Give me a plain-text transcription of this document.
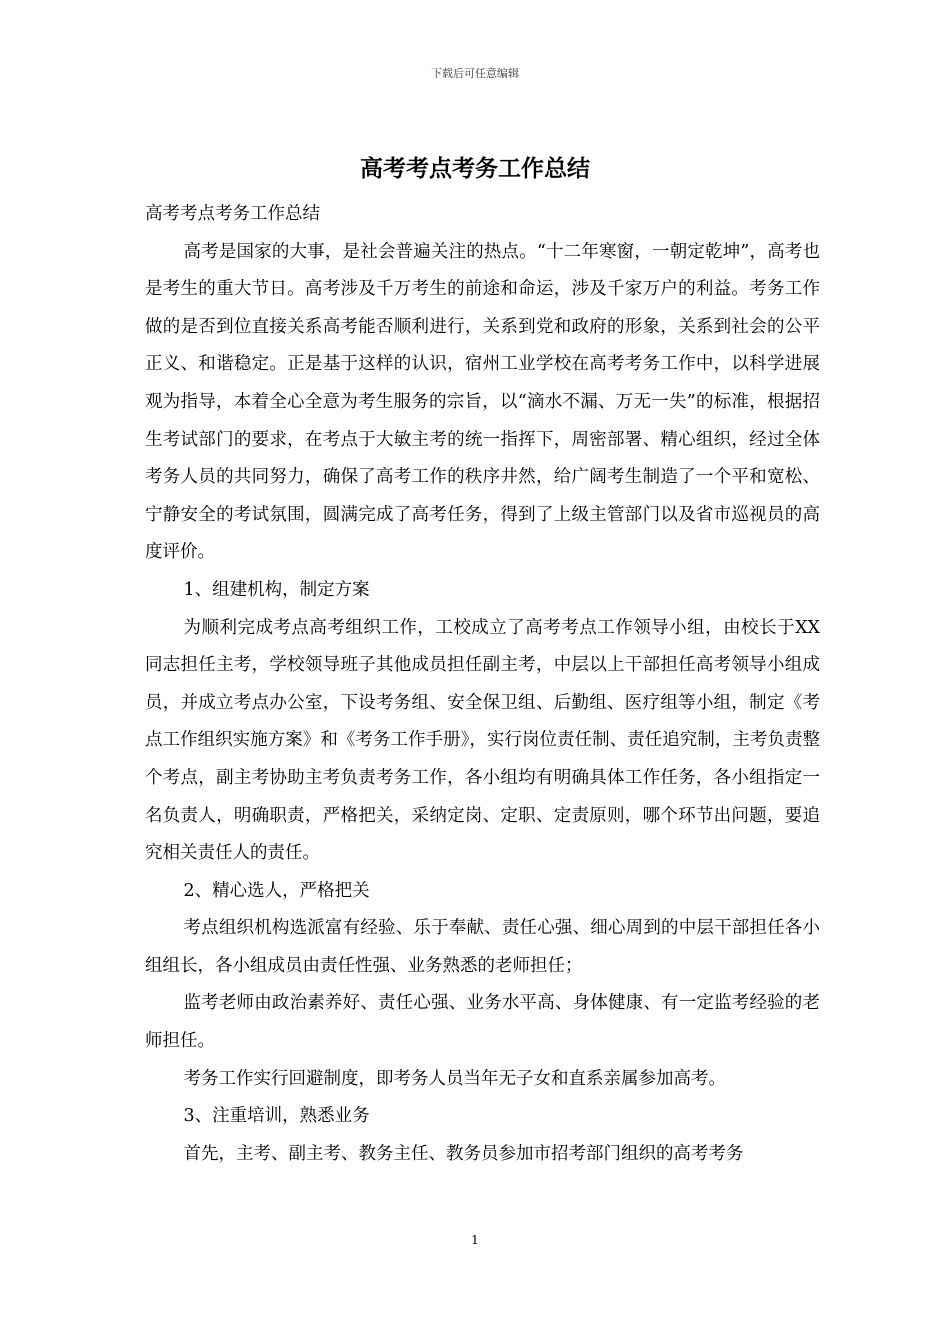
下载后可任意编辑
高考考点考务工作总结

高考考点考务工作总结

高考是国家的大事，是社会普遍关注的热点。“十二年寒窗，一朝定乾坤”，高考也是考生的重大节日。高考涉及千万考生的前途和命运，涉及千家万户的利益。考务工作做的是否到位直接关系高考能否顺利进行，关系到党和政府的形象，关系到社会的公平正义、和谐稳定。正是基于这样的认识，宿州工业学校在高考考务工作中，以科学进展观为指导，本着全心全意为考生服务的宗旨，以“滴水不漏、万无一失”的标准，根据招生考试部门的要求，在考点于大敏主考的统一指挥下，周密部署、精心组织，经过全体考务人员的共同努力，确保了高考工作的秩序井然，给广阔考生制造了一个平和宽松、宁静安全的考试氛围，圆满完成了高考任务，得到了上级主管部门以及省市巡视员的高度评价。

1、组建机构，制定方案

为顺利完成考点高考组织工作，工校成立了高考考点工作领导小组，由校长于XX同志担任主考，学校领导班子其他成员担任副主考，中层以上干部担任高考领导小组成员，并成立考点办公室，下设考务组、安全保卫组、后勤组、医疗组等小组，制定《考点工作组织实施方案》和《考务工作手册》，实行岗位责任制、责任追究制，主考负责整个考点，副主考协助主考负责考务工作，各小组均有明确具体工作任务，各小组指定一名负责人，明确职责，严格把关，采纳定岗、定职、定责原则，哪个环节出问题，要追究相关责任人的责任。

2、精心选人，严格把关

考点组织机构选派富有经验、乐于奉献、责任心强、细心周到的中层干部担任各小组组长，各小组成员由责任性强、业务熟悉的老师担任；

监考老师由政治素养好、责任心强、业务水平高、身体健康、有一定监考经验的老师担任。

考务工作实行回避制度，即考务人员当年无子女和直系亲属参加高考。

3、注重培训，熟悉业务

首先，主考、副主考、教务主任、教务员参加市招考部门组织的高考考务

1
